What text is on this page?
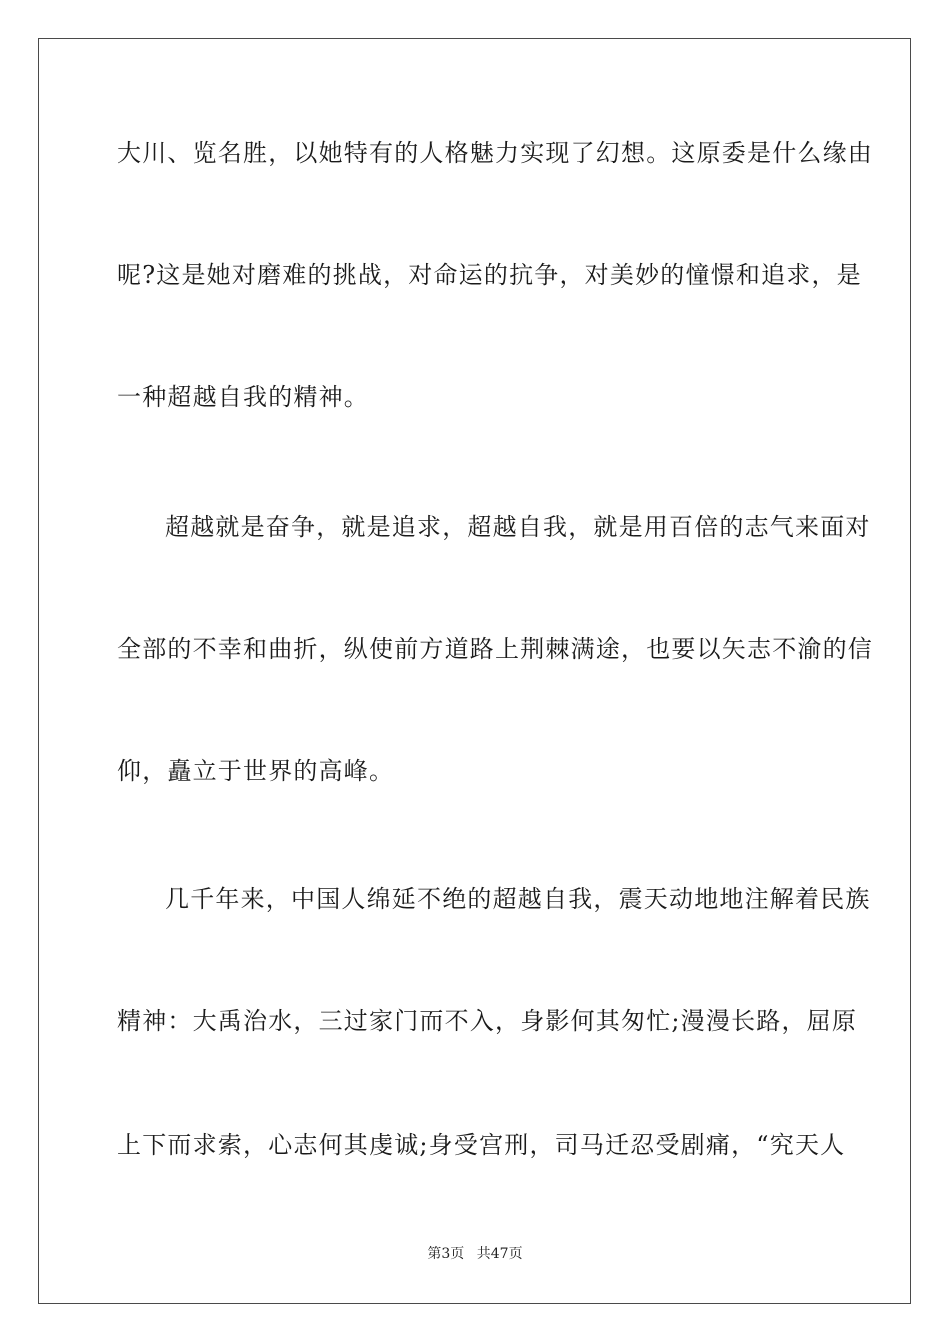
大川、览名胜，以她特有的人格魅力实现了幻想。这原委是什么缘由
呢?这是她对磨难的挑战，对命运的抗争，对美妙的憧憬和追求，是
一种超越自我的精神。
超越就是奋争，就是追求，超越自我，就是用百倍的志气来面对
全部的不幸和曲折，纵使前方道路上荆棘满途，也要以矢志不渝的信
仰，矗立于世界的高峰。
几千年来，中国人绵延不绝的超越自我，震天动地地注解着民族
精神：大禹治水，三过家门而不入，身影何其匆忙;漫漫长路，屈原
上下而求索，心志何其虔诚;身受宫刑，司马迁忍受剧痛，“究天人
第3页 共47页
